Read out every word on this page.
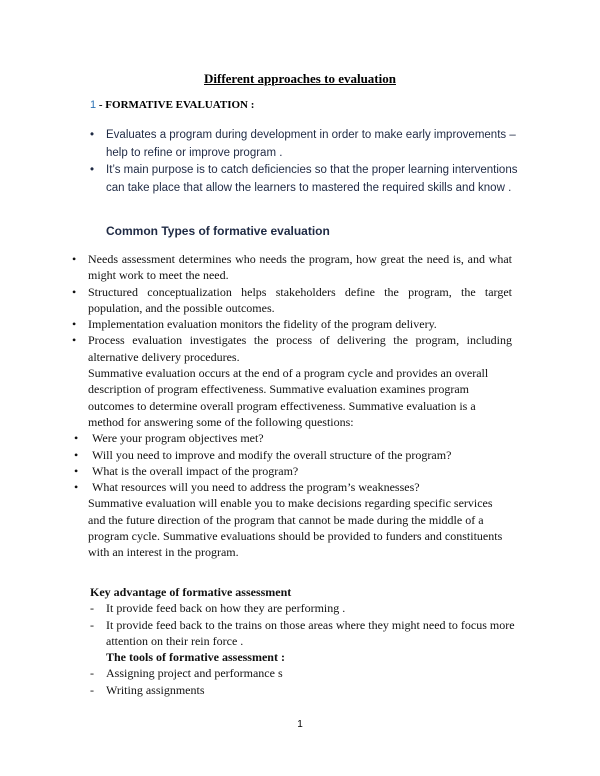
Different approaches to evaluation
1 - FORMATIVE EVALUATION :
• Evaluates a program during development in order to make early improvements – help to refine or improve program .
• It’s main purpose is to catch deficiencies so that the proper learning interventions can take place that allow the learners to mastered the required skills and know .
Common Types of formative evaluation
• Needs assessment determines who needs the program, how great the need is, and what might work to meet the need.
• Structured conceptualization helps stakeholders define the program, the target population, and the possible outcomes.
• Implementation evaluation monitors the fidelity of the program delivery.
• Process evaluation investigates the process of delivering the program, including alternative delivery procedures.
Summative evaluation occurs at the end of a program cycle and provides an overall description of program effectiveness. Summative evaluation examines program outcomes to determine overall program effectiveness. Summative evaluation is a method for answering some of the following questions:
• Were your program objectives met?
• Will you need to improve and modify the overall structure of the program?
• What is the overall impact of the program?
• What resources will you need to address the program’s weaknesses?
Summative evaluation will enable you to make decisions regarding specific services and the future direction of the program that cannot be made during the middle of a program cycle. Summative evaluations should be provided to funders and constituents with an interest in the program.
Key advantage of formative assessment
- It provide feed back on how they are performing .
- It provide feed back to the trains on those areas where they might need to focus more attention on their rein force .
The tools of formative assessment :
- Assigning project and performance s
- Writing assignments
1
